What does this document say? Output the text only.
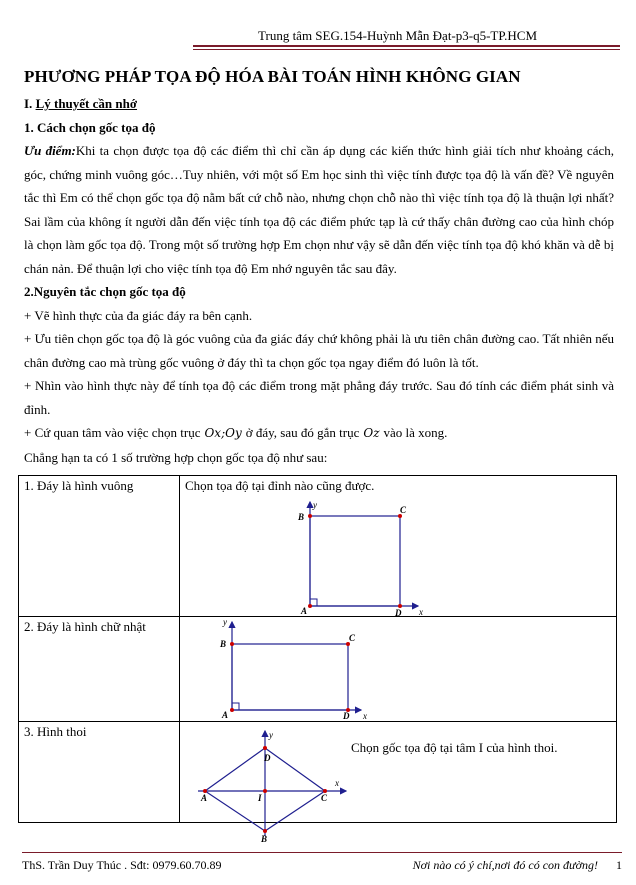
Trung tâm SEG.154-Huỳnh Mẫn Đạt-p3-q5-TP.HCM
PHƯƠNG PHÁP TỌA ĐỘ HÓA BÀI TOÁN HÌNH KHÔNG GIAN
I. Lý thuyết cần nhớ
1. Cách chọn gốc tọa độ

Ưu điểm:Khi ta chọn được tọa độ các điểm thì chỉ cần áp dụng các kiến thức hình giải tích như khoảng cách, góc, chứng minh vuông góc…Tuy nhiên, với một số Em học sinh thì việc tính được tọa độ là vấn đề? Về nguyên tắc thì Em có thể chọn gốc tọa độ nằm bất cứ chỗ nào, nhưng chọn chỗ nào thì việc tính tọa độ là thuận lợi nhất? Sai lầm của không ít người dẫn đến việc tính tọa độ các điểm phức tạp là cứ thấy chân đường cao của hình chóp là chọn làm gốc tọa độ. Trong một số trường hợp Em chọn như vậy sẽ dẫn đến việc tính tọa độ khó khăn và dễ bị chán nản. Để thuận lợi cho việc tính tọa độ Em nhớ nguyên tắc sau đây.

2.Nguyên tắc chọn gốc tọa độ

+ Vẽ hình thực của đa giác đáy ra bên cạnh.

+ Ưu tiên chọn gốc tọa độ là góc vuông của đa giác đáy chứ không phải là ưu tiên chân đường cao. Tất nhiên nếu chân đường cao mà trùng gốc vuông ở đáy thì ta chọn gốc tọa ngay điểm đó luôn là tốt.

+ Nhìn vào hình thực này để tính tọa độ các điểm trong mặt phẳng đáy trước. Sau đó tính các điểm phát sinh và đỉnh.

+ Cứ quan tâm vào việc chọn trục Ox;Oy ở đáy, sau đó gắn trục Oz vào là xong.

Chẳng hạn ta có 1 số trường hợp chọn gốc tọa độ như sau:

1. Đáy là hình vuông	Chọn tọa độ tại đỉnh nào cũng được.
2. Đáy là hình chữ nhật	
3. Hình thoi	Chọn gốc tọa độ tại tâm I của hình thoi.
y
B
C
A	D x
y
B
C
A	D x
y
D
x
A	I	C
B
ThS. Trần Duy Thúc . Sđt: 0979.60.70.89	Nơi nào có ý chí,nơi đó có con đường! 1
